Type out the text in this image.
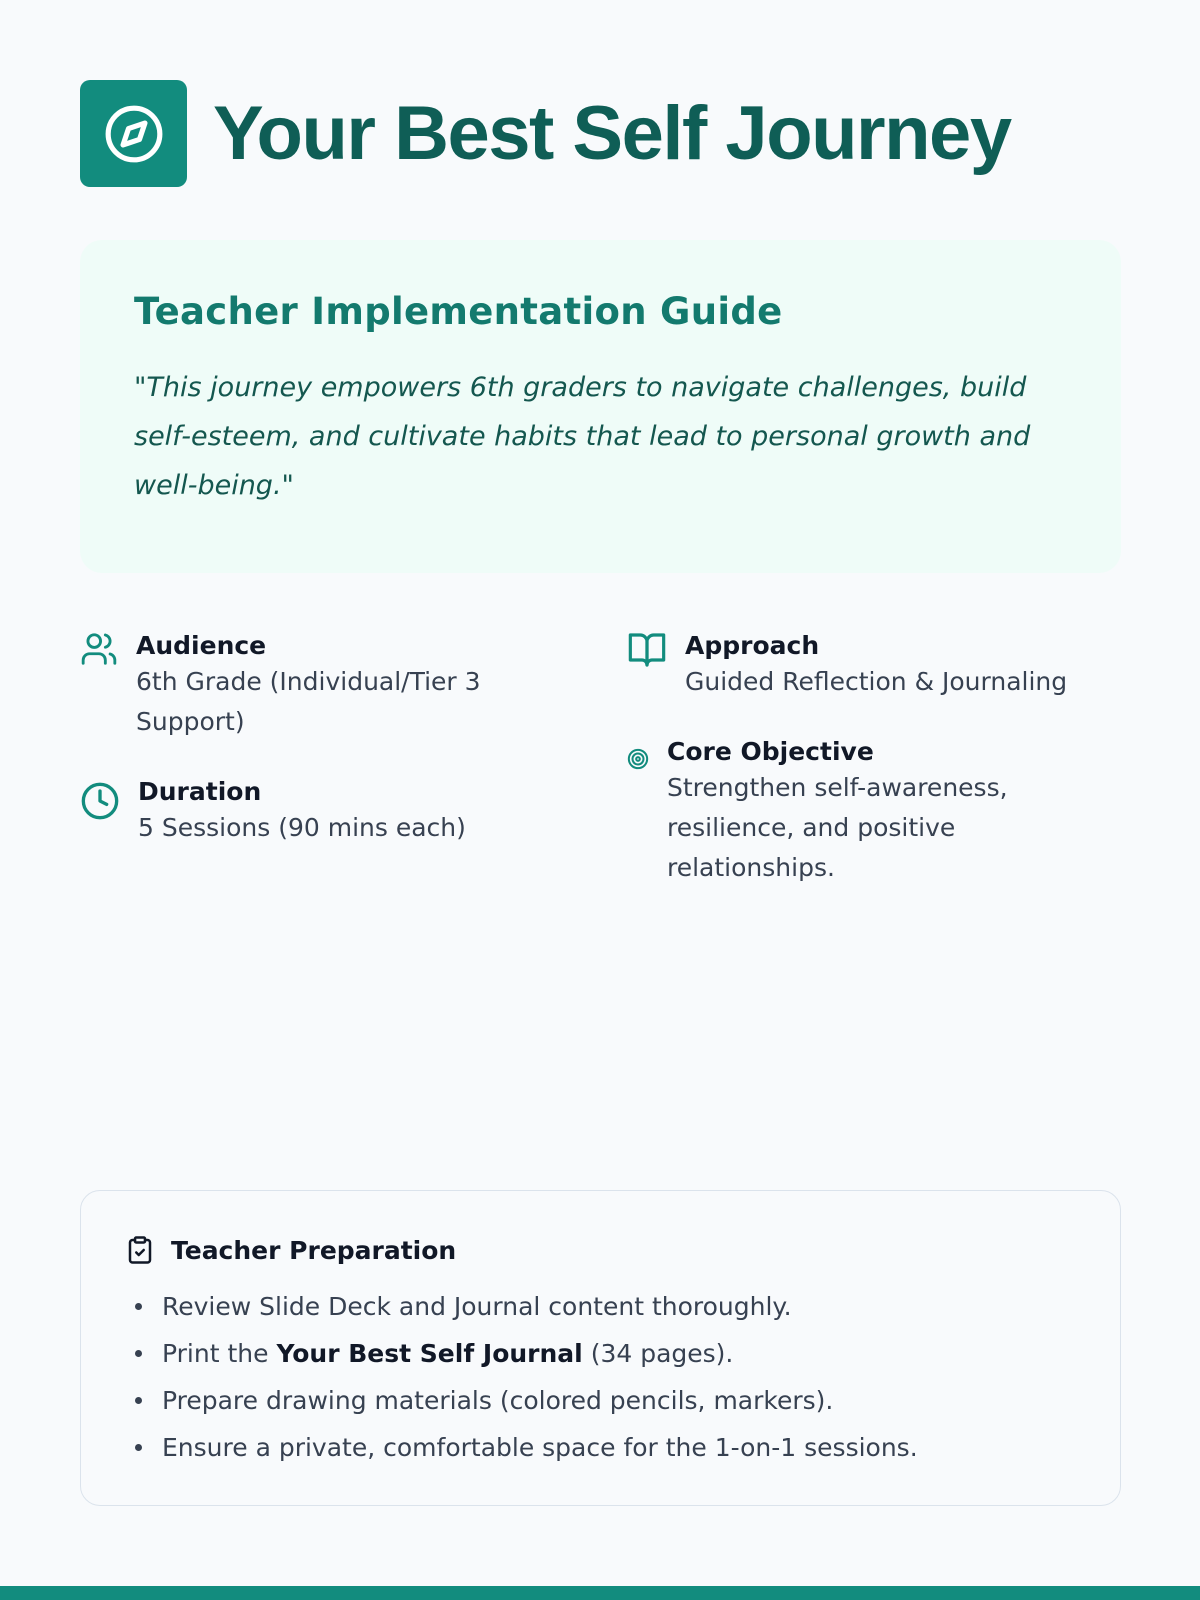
Your Best Self Journey
Teacher Implementation Guide

"This journey empowers 6th graders to navigate challenges, build self-esteem, and cultivate habits that lead to personal growth and well-being."

Audience
6th Grade (Individual/Tier 3 Support)
Duration
5 Sessions (90 mins each)
Approach
Guided Reflection & Journaling
Core Objective
Strengthen self-awareness, resilience, and positive relationships.
Teacher Preparation
Review Slide Deck and Journal content thoroughly.
Print the Your Best Self Journal (34 pages).
Prepare drawing materials (colored pencils, markers).
Ensure a private, comfortable space for the 1-on-1 sessions.
